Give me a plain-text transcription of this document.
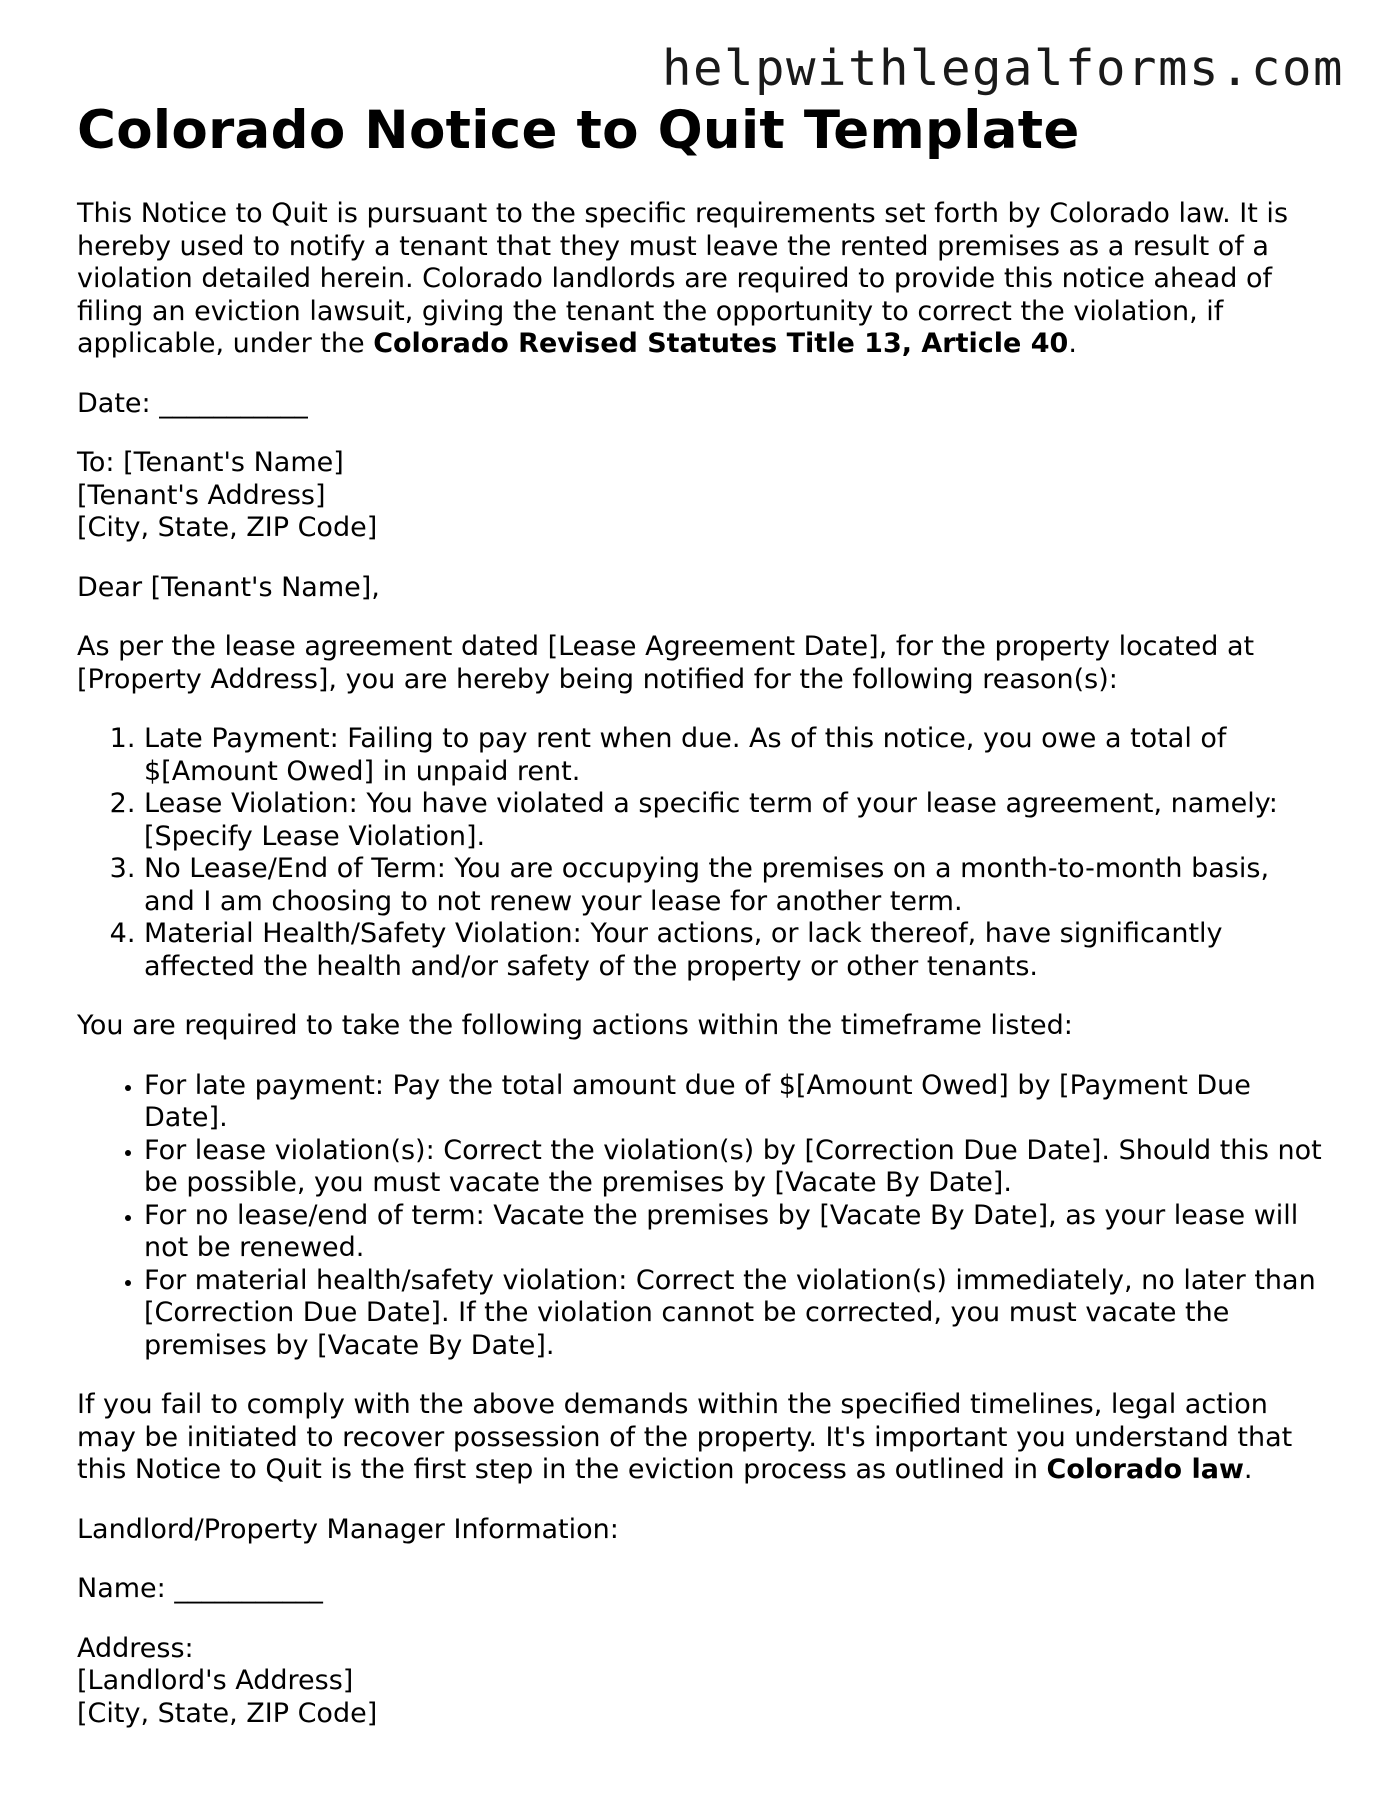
helpwithlegalforms.com
Colorado Notice to Quit Template

This Notice to Quit is pursuant to the specific requirements set forth by Colorado law. It is hereby used to notify a tenant that they must leave the rented premises as a result of a violation detailed herein. Colorado landlords are required to provide this notice ahead of filing an eviction lawsuit, giving the tenant the opportunity to correct the violation, if applicable, under the Colorado Revised Statutes Title 13, Article 40.

Date: ___________

To: [Tenant's Name]
[Tenant's Address]
[City, State, ZIP Code]

Dear [Tenant's Name],

As per the lease agreement dated [Lease Agreement Date], for the property located at [Property Address], you are hereby being notified for the following reason(s):

1. Late Payment: Failing to pay rent when due. As of this notice, you owe a total of $[Amount Owed] in unpaid rent.
2. Lease Violation: You have violated a specific term of your lease agreement, namely: [Specify Lease Violation].
3. No Lease/End of Term: You are occupying the premises on a month-to-month basis, and I am choosing to not renew your lease for another term.
4. Material Health/Safety Violation: Your actions, or lack thereof, have significantly affected the health and/or safety of the property or other tenants.

You are required to take the following actions within the timeframe listed:

• For late payment: Pay the total amount due of $[Amount Owed] by [Payment Due Date].
• For lease violation(s): Correct the violation(s) by [Correction Due Date]. Should this not be possible, you must vacate the premises by [Vacate By Date].
• For no lease/end of term: Vacate the premises by [Vacate By Date], as your lease will not be renewed.
• For material health/safety violation: Correct the violation(s) immediately, no later than [Correction Due Date]. If the violation cannot be corrected, you must vacate the premises by [Vacate By Date].

If you fail to comply with the above demands within the specified timelines, legal action may be initiated to recover possession of the property. It's important you understand that this Notice to Quit is the first step in the eviction process as outlined in Colorado law.

Landlord/Property Manager Information:

Name: ___________

Address:
[Landlord's Address]
[City, State, ZIP Code]
